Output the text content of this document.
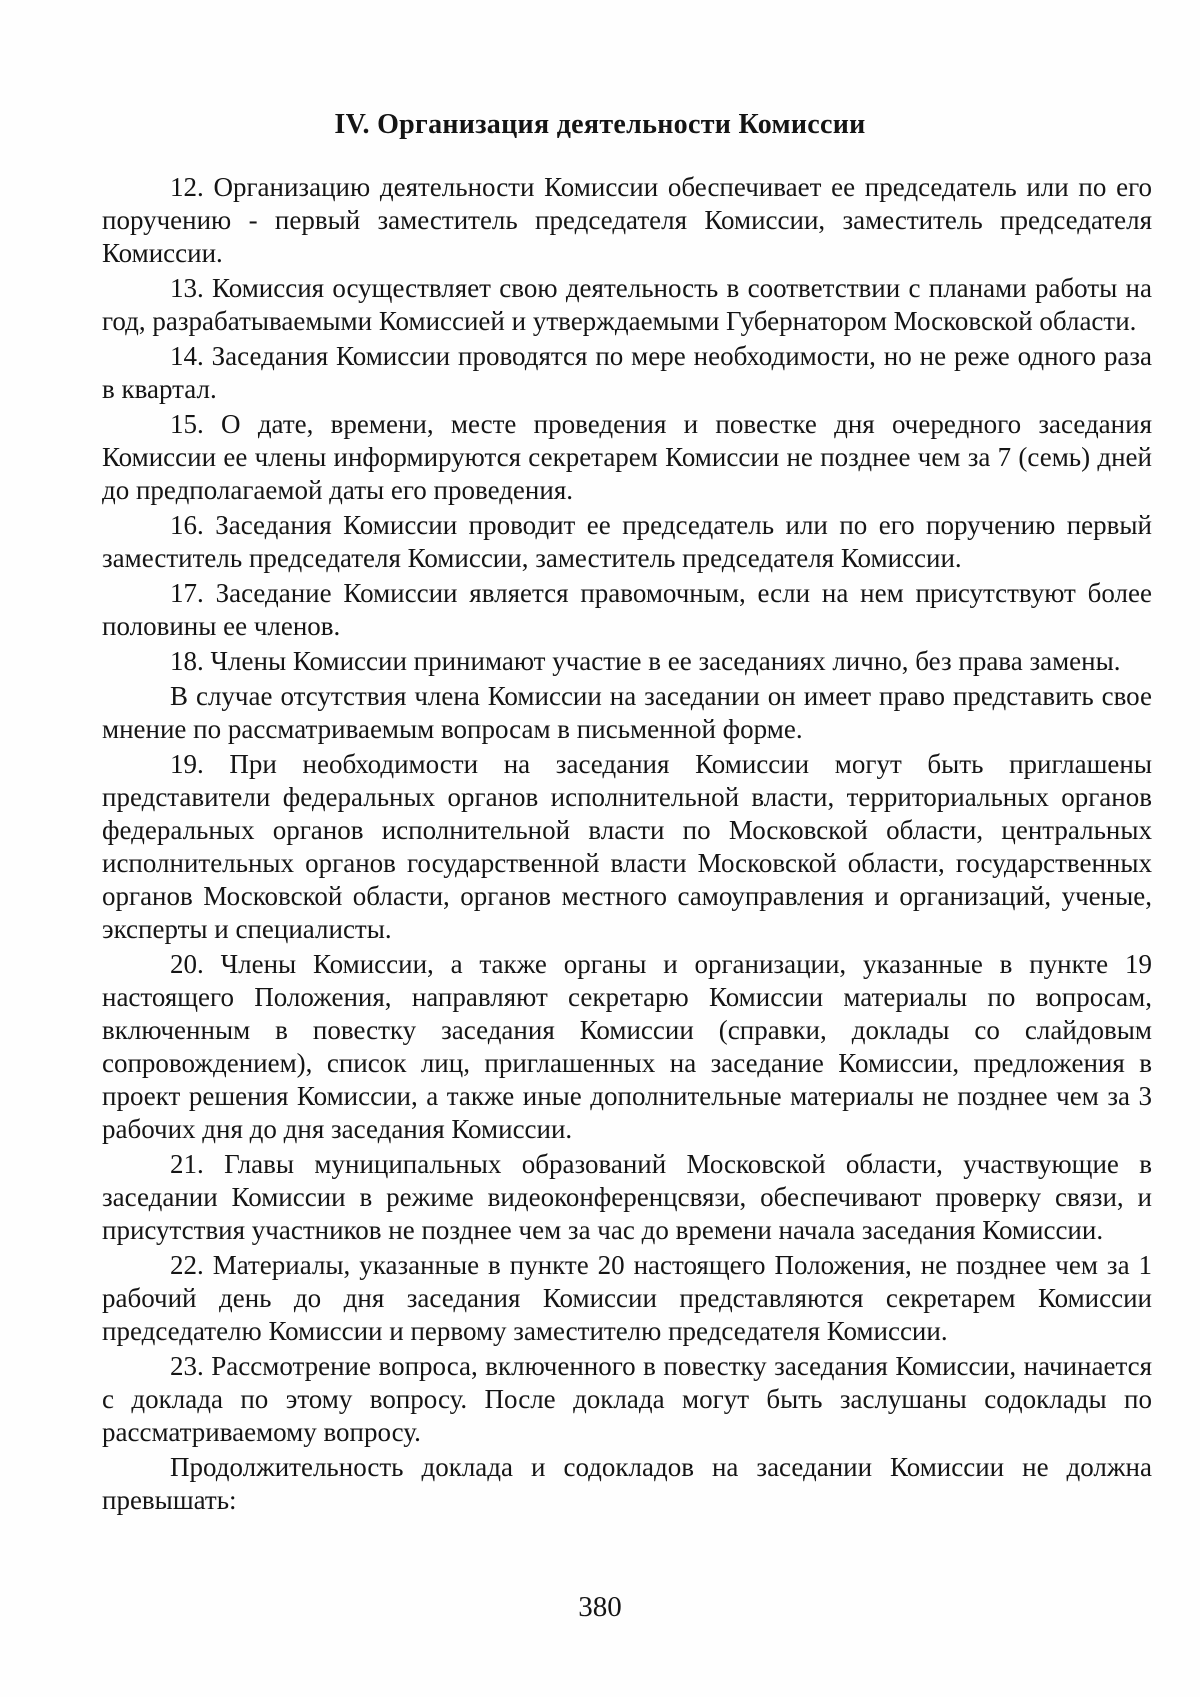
IV. Организация деятельности Комиссии

12. Организацию деятельности Комиссии обеспечивает ее председатель или по его поручению - первый заместитель председателя Комиссии, заместитель председателя Комиссии.

13. Комиссия осуществляет свою деятельность в соответствии с планами работы на год, разрабатываемыми Комиссией и утверждаемыми Губернатором Московской области.

14. Заседания Комиссии проводятся по мере необходимости, но не реже одного раза в квартал.

15. О дате, времени, месте проведения и повестке дня очередного заседания Комиссии ее члены информируются секретарем Комиссии не позднее чем за 7 (семь) дней до предполагаемой даты его проведения.

16. Заседания Комиссии проводит ее председатель или по его поручению первый заместитель председателя Комиссии, заместитель председателя Комиссии.

17. Заседание Комиссии является правомочным, если на нем присутствуют более половины ее членов.

18. Члены Комиссии принимают участие в ее заседаниях лично, без права замены.

В случае отсутствия члена Комиссии на заседании он имеет право представить свое мнение по рассматриваемым вопросам в письменной форме.

19. При необходимости на заседания Комиссии могут быть приглашены представители федеральных органов исполнительной власти, территориальных органов федеральных органов исполнительной власти по Московской области, центральных исполнительных органов государственной власти Московской области, государственных органов Московской области, органов местного самоуправления и организаций, ученые, эксперты и специалисты.

20. Члены Комиссии, а также органы и организации, указанные в пункте 19 настоящего Положения, направляют секретарю Комиссии материалы по вопросам, включенным в повестку заседания Комиссии (справки, доклады со слайдовым сопровождением), список лиц, приглашенных на заседание Комиссии, предложения в проект решения Комиссии, а также иные дополнительные материалы не позднее чем за 3 рабочих дня до дня заседания Комиссии.

21. Главы муниципальных образований Московской области, участвующие в заседании Комиссии в режиме видеоконференцсвязи, обеспечивают проверку связи, и присутствия участников не позднее чем за час до времени начала заседания Комиссии.

22. Материалы, указанные в пункте 20 настоящего Положения, не позднее чем за 1 рабочий день до дня заседания Комиссии представляются секретарем Комиссии председателю Комиссии и первому заместителю председателя Комиссии.

23. Рассмотрение вопроса, включенного в повестку заседания Комиссии, начинается с доклада по этому вопросу. После доклада могут быть заслушаны содоклады по рассматриваемому вопросу.

Продолжительность доклада и содокладов на заседании Комиссии не должна превышать:

380
